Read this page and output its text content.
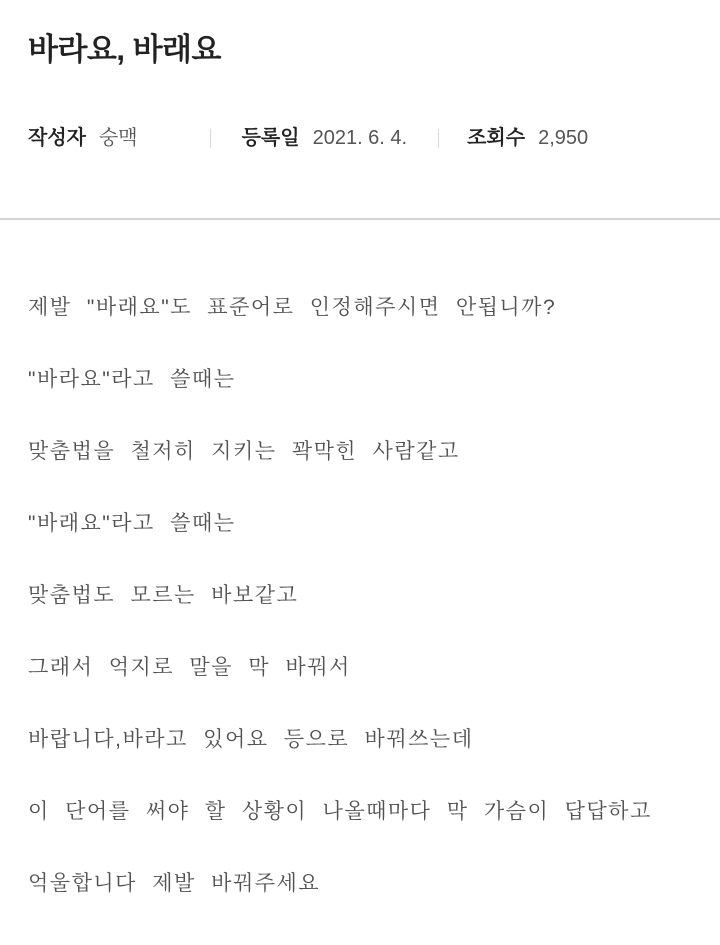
바라요, 바래요
작성자 숭맥	등록일 2021. 6. 4.	조회수 2,950

제발 "바래요"도 표준어로 인정해주시면 안됩니까?

"바라요"라고 쓸때는

맞춤법을 철저히 지키는 꽉막힌 사람같고

"바래요"라고 쓸때는

맞춤법도 모르는 바보같고

그래서 억지로 말을 막 바꿔서

바랍니다,바라고 있어요 등으로 바꿔쓰는데

이 단어를 써야 할 상황이 나올때마다 막 가슴이 답답하고

억울합니다 제발 바꿔주세요
